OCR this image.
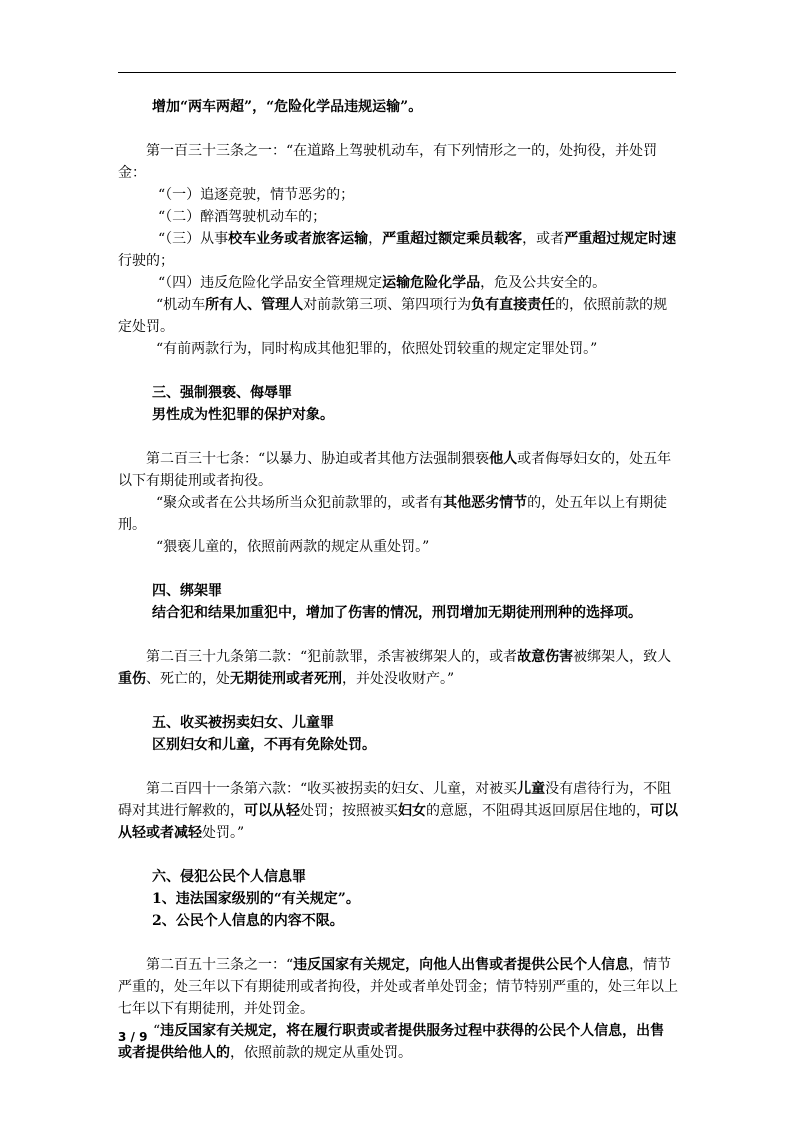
增加“两车两超”，“危险化学品违规运输”。

第一百三十三条之一：“在道路上驾驶机动车，有下列情形之一的，处拘役，并处罚金：

“（一）追逐竞驶，情节恶劣的；

“（二）醉酒驾驶机动车的；

“（三）从事校车业务或者旅客运输，严重超过额定乘员载客，或者严重超过规定时速行驶的；

“（四）违反危险化学品安全管理规定运输危险化学品，危及公共安全的。

“机动车所有人、管理人对前款第三项、第四项行为负有直接责任的，依照前款的规定处罚。

“有前两款行为，同时构成其他犯罪的，依照处罚较重的规定定罪处罚。”

三、强制猥亵、侮辱罪

男性成为性犯罪的保护对象。

第二百三十七条：“以暴力、胁迫或者其他方法强制猥亵他人或者侮辱妇女的，处五年以下有期徒刑或者拘役。

“聚众或者在公共场所当众犯前款罪的，或者有其他恶劣情节的，处五年以上有期徒刑。

“猥亵儿童的，依照前两款的规定从重处罚。”

四、绑架罪

结合犯和结果加重犯中，增加了伤害的情况，刑罚增加无期徒刑刑种的选择项。

第二百三十九条第二款：“犯前款罪，杀害被绑架人的，或者故意伤害被绑架人，致人重伤、死亡的，处无期徒刑或者死刑，并处没收财产。”

五、收买被拐卖妇女、儿童罪

区别妇女和儿童，不再有免除处罚。

第二百四十一条第六款：“收买被拐卖的妇女、儿童，对被买儿童没有虐待行为，不阻碍对其进行解救的，可以从轻处罚；按照被买妇女的意愿，不阻碍其返回原居住地的，可以从轻或者减轻处罚。”

六、侵犯公民个人信息罪

1、违法国家级别的“有关规定”。

2、公民个人信息的内容不限。

第二百五十三条之一：“违反国家有关规定，向他人出售或者提供公民个人信息，情节严重的，处三年以下有期徒刑或者拘役，并处或者单处罚金；情节特别严重的，处三年以上七年以下有期徒刑，并处罚金。

“违反国家有关规定，将在履行职责或者提供服务过程中获得的公民个人信息，出售或者提供给他人的，依照前款的规定从重处罚。

3 / 9
